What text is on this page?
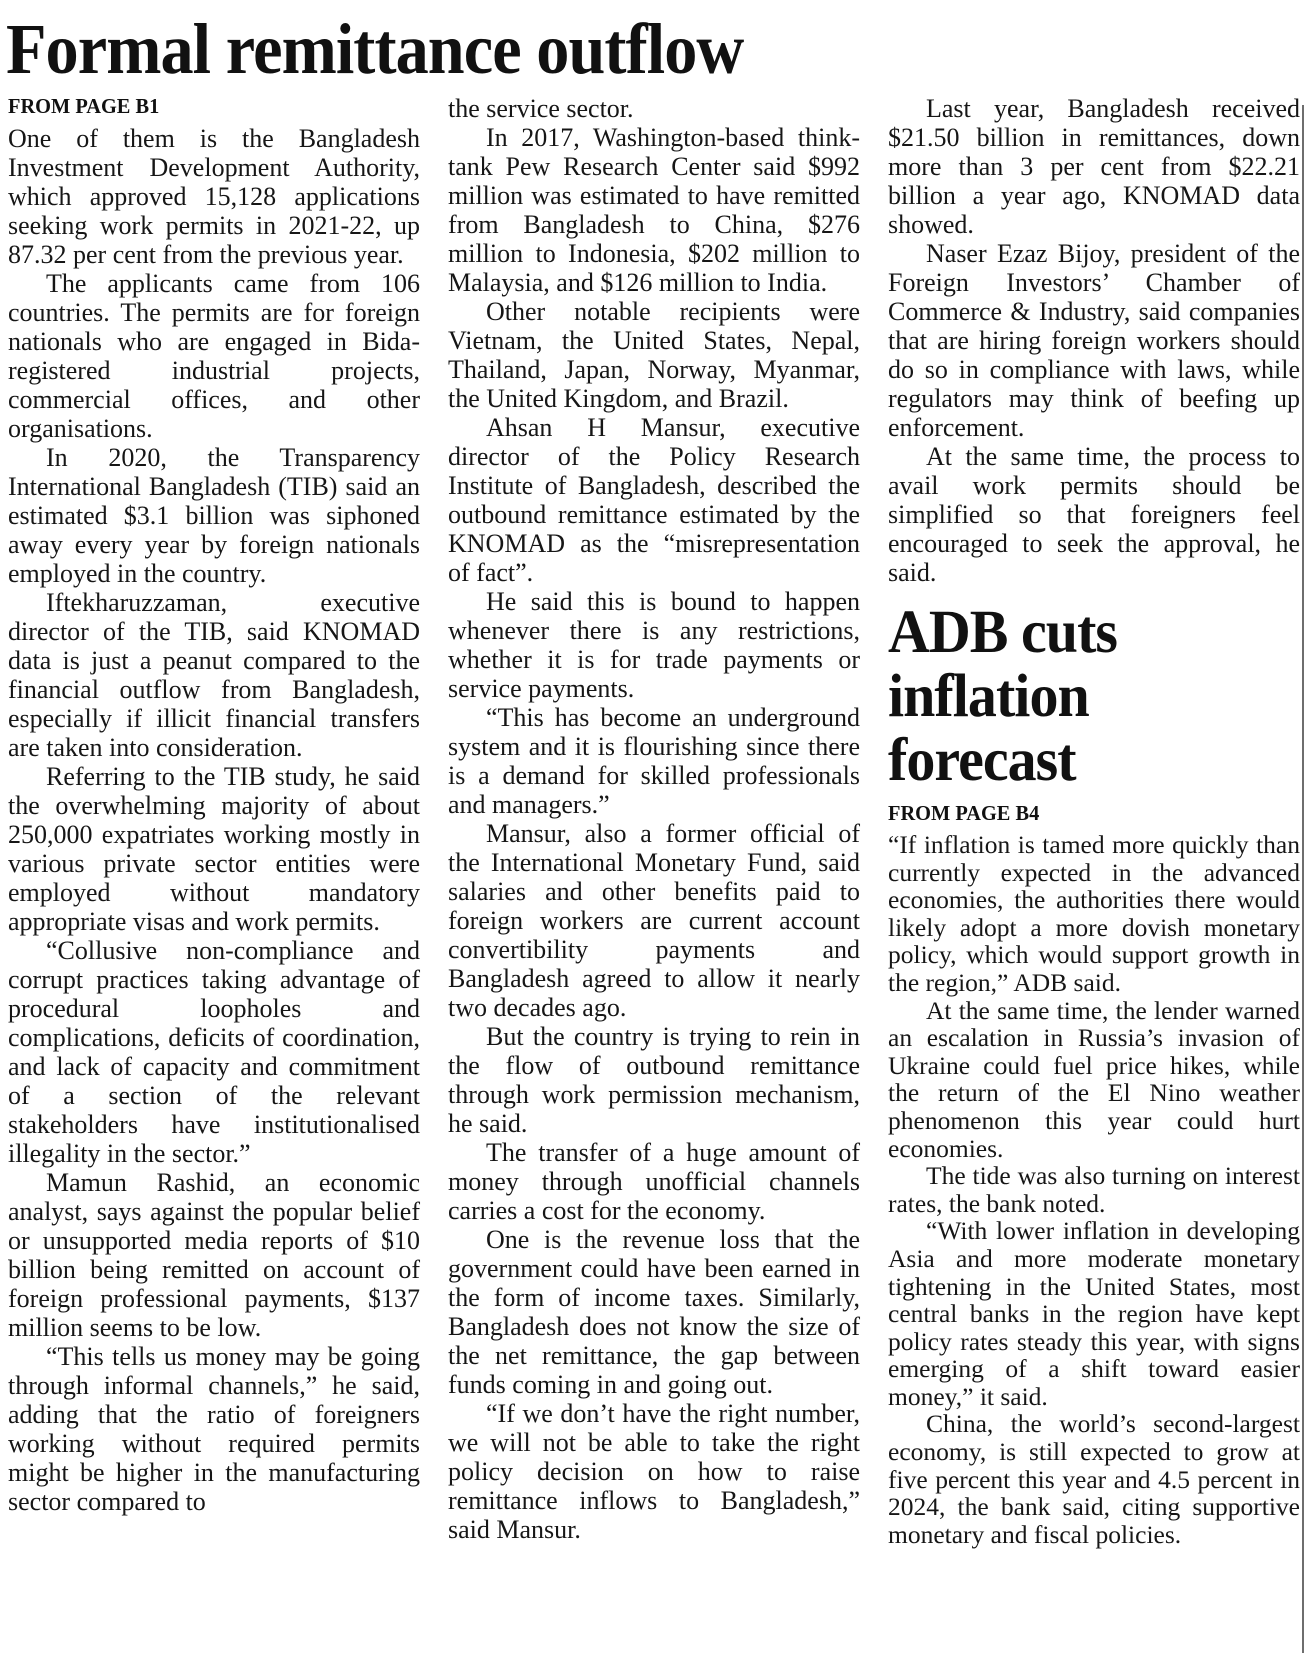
Formal remittance outflow
FROM PAGE B1

One of them is the Bangladesh Investment Development Authority, which approved 15,128 applications seeking work permits in 2021-22, up 87.32 per cent from the previous year.

The applicants came from 106 countries. The permits are for foreign nationals who are engaged in Bida-registered industrial projects, commercial offices, and other organisations.

In 2020, the Transparency International Bangladesh (TIB) said an estimated $3.1 billion was siphoned away every year by foreign nationals employed in the country.

Iftekharuzzaman, executive director of the TIB, said KNOMAD data is just a peanut compared to the financial outflow from Bangladesh, especially if illicit financial transfers are taken into consideration.

Referring to the TIB study, he said the overwhelming majority of about 250,000 expatriates working mostly in various private sector entities were employed without mandatory appropriate visas and work permits.

“Collusive non-compliance and corrupt practices taking advantage of procedural loopholes and complications, deficits of coordination, and lack of capacity and commitment of a section of the relevant stakeholders have institutionalised illegality in the sector.”

Mamun Rashid, an economic analyst, says against the popular belief or unsupported media reports of $10 billion being remitted on account of foreign professional payments, $137 million seems to be low.

“This tells us money may be going through informal channels,” he said, adding that the ratio of foreigners working without required permits might be higher in the manufacturing sector compared to

the service sector.

In 2017, Washington-based think-tank Pew Research Center said $992 million was estimated to have remitted from Bangladesh to China, $276 million to Indonesia, $202 million to Malaysia, and $126 million to India.

Other notable recipients were Vietnam, the United States, Nepal, Thailand, Japan, Norway, Myanmar, the United Kingdom, and Brazil.

Ahsan H Mansur, executive director of the Policy Research Institute of Bangladesh, described the outbound remittance estimated by the KNOMAD as the “misrepresentation of fact”.

He said this is bound to happen whenever there is any restrictions, whether it is for trade payments or service payments.

“This has become an underground system and it is flourishing since there is a demand for skilled professionals and managers.”

Mansur, also a former official of the International Monetary Fund, said salaries and other benefits paid to foreign workers are current account convertibility payments and Bangladesh agreed to allow it nearly two decades ago.

But the country is trying to rein in the flow of outbound remittance through work permission mechanism, he said.

The transfer of a huge amount of money through unofficial channels carries a cost for the economy.

One is the revenue loss that the government could have been earned in the form of income taxes. Similarly, Bangladesh does not know the size of the net remittance, the gap between funds coming in and going out.

“If we don’t have the right number, we will not be able to take the right policy decision on how to raise remittance inflows to Bangladesh,” said Mansur.

Last year, Bangladesh received $21.50 billion in remittances, down more than 3 per cent from $22.21 billion a year ago, KNOMAD data showed.

Naser Ezaz Bijoy, president of the Foreign Investors’ Chamber of Commerce & Industry, said companies that are hiring foreign workers should do so in compliance with laws, while regulators may think of beefing up enforcement.

At the same time, the process to avail work permits should be simplified so that foreigners feel encouraged to seek the approval, he said.

ADB cuts inflation forecast
FROM PAGE B4

“If inflation is tamed more quickly than currently expected in the advanced economies, the authorities there would likely adopt a more dovish monetary policy, which would support growth in the region,” ADB said.

At the same time, the lender warned an escalation in Russia’s invasion of Ukraine could fuel price hikes, while the return of the El Nino weather phenomenon this year could hurt economies.

The tide was also turning on interest rates, the bank noted.

“With lower inflation in developing Asia and more moderate monetary tightening in the United States, most central banks in the region have kept policy rates steady this year, with signs emerging of a shift toward easier money,” it said.

China, the world’s second-largest economy, is still expected to grow at five percent this year and 4.5 percent in 2024, the bank said, citing supportive monetary and fiscal policies.
